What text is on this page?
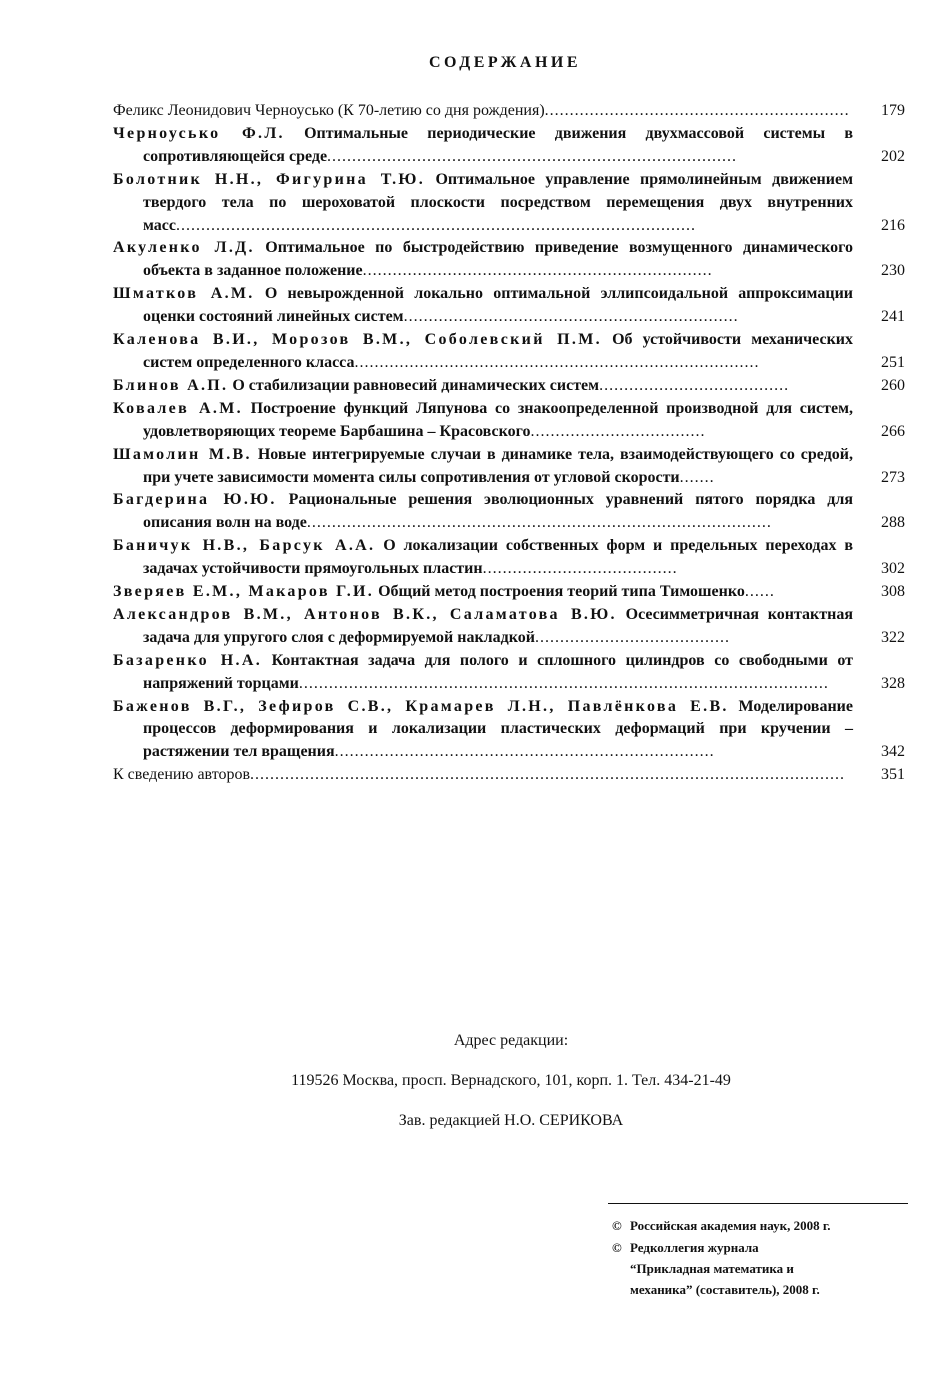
СОДЕРЖАНИЕ
Феликс Леонидович Черноусько (К 70-летию со дня рождения).............................................................	179
Черноусько Ф.Л. Оптимальные периодические движения двухмассовой системы в сопротивляющейся среде..................................................................................	202
Болотник Н.Н., Фигурина Т.Ю. Оптимальное управление прямолинейным движением твердого тела по шероховатой плоскости посредством перемещения двух внутренних масс........................................................................................................	216
Акуленко Л.Д. Оптимальное по быстродействию приведение возмущенного динамического объекта в заданное положение......................................................................	230
Шматков А.М. О невырожденной локально оптимальной эллипсоидальной аппроксимации оценки состояний линейных систем...................................................................	241
Каленова В.И., Морозов В.М., Соболевский П.М. Об устойчивости механических систем определенного класса.................................................................................	251
Блинов А.П. О стабилизации равновесий динамических систем......................................	260
Ковалев А.М. Построение функций Ляпунова со знакоопределенной производной для систем, удовлетворяющих теореме Барбашина – Красовского...................................	266
Шамолин М.В. Новые интегрируемые случаи в динамике тела, взаимодействующего со средой, при учете зависимости момента силы сопротивления от угловой скорости.......	273
Багдерина Ю.Ю. Рациональные решения эволюционных уравнений пятого порядка для описания волн на воде.............................................................................................	288
Баничук Н.В., Барсук А.А. О локализации собственных форм и предельных переходах в задачах устойчивости прямоугольных пластин.......................................	302
Зверяев Е.М., Макаров Г.И. Общий метод построения теорий типа Тимошенко......	308
Александров В.М., Антонов В.К., Саламатова В.Ю. Осесимметричная контактная задача для упругого слоя с деформируемой накладкой.......................................	322
Базаренко Н.А. Контактная задача для полого и сплошного цилиндров со свободными от напряжений торцами..........................................................................................................	328
Баженов В.Г., Зефиров С.В., Крамарев Л.Н., Павлёнкова Е.В. Моделирование процессов деформирования и локализации пластических деформаций при кручении – растяжении тел вращения............................................................................	342
К сведению авторов.......................................................................................................................	351
Адрес редакции:
119526 Москва, просп. Вернадского, 101, корп. 1. Тел. 434-21-49
Зав. редакцией Н.О. СЕРИКОВА
© Российская академия наук, 2008 г.
© Редколлегия журнала
“Прикладная математика и
механика” (составитель), 2008 г.
